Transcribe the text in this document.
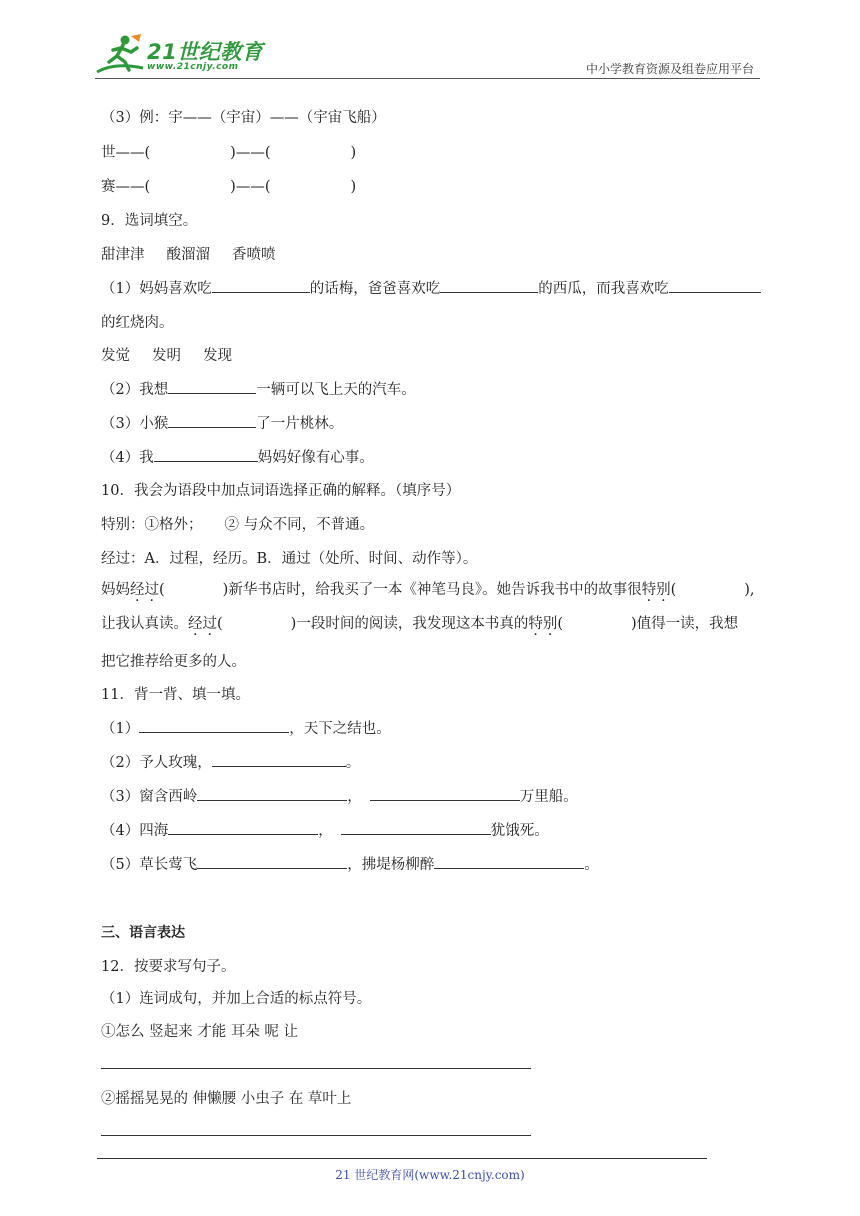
21世纪教育
www.21cnjy.com	中小学教育资源及组卷应用平台
（3）例：宇——（宇宙）——（宇宙飞船）
世——(	)——(	)
赛——(	)——(	)
9．选词填空。
甜津津 酸溜溜 香喷喷
（1）妈妈喜欢吃	的话梅，爸爸喜欢吃	的西瓜，而我喜欢吃
的红烧肉。
发觉 发明 发现
（2）我想	一辆可以飞上天的汽车。
（3）小猴	了一片桃林。
（4）我	妈妈好像有心事。
10．我会为语段中加点词语选择正确的解释。（填序号）
特别：①格外； ② 与众不同，不普通。
经过：A．过程，经历。B．通过（处所、时间、动作等）。
妈妈经过(	)新华书店时，给我买了一本《神笔马良》。她告诉我书中的故事很特别(	),
让我认真读。经过(	)一段时间的阅读，我发现这本书真的特别(	)值得一读，我想
把它推荐给更多的人。
11．背一背、填一填。
（1）	，天下之结也。
（2）予人玫瑰，	。
（3）窗含西岭	，	万里船。
（4）四海	，	犹饿死。
（5）草长莺飞	，拂堤杨柳醉	。
三、语言表达
12．按要求写句子。
（1）连词成句，并加上合适的标点符号。
①怎么 竖起来 才能 耳朵 呢 让
②摇摇晃晃的 伸懒腰 小虫子 在 草叶上
21 世纪教育网(www.21cnjy.com)
